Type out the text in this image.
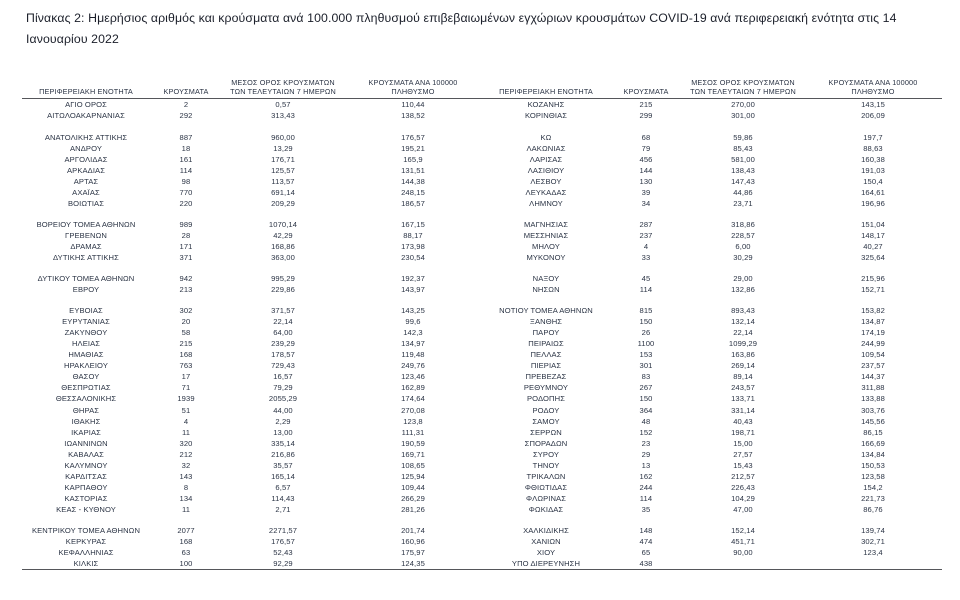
Πίνακας 2: Ημερήσιος αριθμός και κρούσματα ανά 100.000 πληθυσμού επιβεβαιωμένων εγχώριων κρουσμάτων COVID-19 ανά περιφερειακή ενότητα στις 14 Ιανουαρίου 2022
ΠΕΡΙΦΕΡΕΙΑΚΗ ΕΝΟΤΗΤΑ	ΚΡΟΥΣΜΑΤΑ	ΜΕΣΟΣ ΟΡΟΣ ΚΡΟΥΣΜΑΤΩΝ
ΤΩΝ ΤΕΛΕΥΤΑΙΩΝ 7 ΗΜΕΡΩΝ	ΚΡΟΥΣΜΑΤΑ ΑΝΑ 100000
ΠΛΗΘΥΣΜΟ	ΠΕΡΙΦΕΡΕΙΑΚΗ ΕΝΟΤΗΤΑ	ΚΡΟΥΣΜΑΤΑ	ΜΕΣΟΣ ΟΡΟΣ ΚΡΟΥΣΜΑΤΩΝ
ΤΩΝ ΤΕΛΕΥΤΑΙΩΝ 7 ΗΜΕΡΩΝ	ΚΡΟΥΣΜΑΤΑ ΑΝΑ 100000
ΠΛΗΘΥΣΜΟ
ΑΓΙΟ ΟΡΟΣ	2	0,57	110,44	ΚΟΖΑΝΗΣ	215	270,00	143,15
ΑΙΤΩΛΟΑΚΑΡΝΑΝΙΑΣ	292	313,43	138,52	ΚΟΡΙΝΘΙΑΣ	299	301,00	206,09

ΑΝΑΤΟΛΙΚΗΣ ΑΤΤΙΚΗΣ	887	960,00	176,57	ΚΩ	68	59,86	197,7
ΑΝΔΡΟΥ	18	13,29	195,21	ΛΑΚΩΝΙΑΣ	79	85,43	88,63
ΑΡΓΟΛΙΔΑΣ	161	176,71	165,9	ΛΑΡΙΣΑΣ	456	581,00	160,38
ΑΡΚΑΔΙΑΣ	114	125,57	131,51	ΛΑΣΙΘΙΟΥ	144	138,43	191,03
ΑΡΤΑΣ	98	113,57	144,38	ΛΕΣΒΟΥ	130	147,43	150,4
ΑΧΑΪΑΣ	770	691,14	248,15	ΛΕΥΚΑΔΑΣ	39	44,86	164,61
ΒΟΙΩΤΙΑΣ	220	209,29	186,57	ΛΗΜΝΟΥ	34	23,71	196,96

ΒΟΡΕΙΟΥ ΤΟΜΕΑ ΑΘΗΝΩΝ	989	1070,14	167,15	ΜΑΓΝΗΣΙΑΣ	287	318,86	151,04
ΓΡΕΒΕΝΩΝ	28	42,29	88,17	ΜΕΣΣΗΝΙΑΣ	237	228,57	148,17
ΔΡΑΜΑΣ	171	168,86	173,98	ΜΗΛΟΥ	4	6,00	40,27
ΔΥΤΙΚΗΣ ΑΤΤΙΚΗΣ	371	363,00	230,54	ΜΥΚΟΝΟΥ	33	30,29	325,64

ΔΥΤΙΚΟΥ ΤΟΜΕΑ ΑΘΗΝΩΝ	942	995,29	192,37	ΝΑΞΟΥ	45	29,00	215,96
ΕΒΡΟΥ	213	229,86	143,97	ΝΗΣΩΝ	114	132,86	152,71

ΕΥΒΟΙΑΣ	302	371,57	143,25	ΝΟΤΙΟΥ ΤΟΜΕΑ ΑΘΗΝΩΝ	815	893,43	153,82
ΕΥΡΥΤΑΝΙΑΣ	20	22,14	99,6	ΞΑΝΘΗΣ	150	132,14	134,87
ΖΑΚΥΝΘΟΥ	58	64,00	142,3	ΠΑΡΟΥ	26	22,14	174,19
ΗΛΕΙΑΣ	215	239,29	134,97	ΠΕΙΡΑΙΩΣ	1100	1099,29	244,99
ΗΜΑΘΙΑΣ	168	178,57	119,48	ΠΕΛΛΑΣ	153	163,86	109,54
ΗΡΑΚΛΕΙΟΥ	763	729,43	249,76	ΠΙΕΡΙΑΣ	301	269,14	237,57
ΘΑΣΟΥ	17	16,57	123,46	ΠΡΕΒΕΖΑΣ	83	89,14	144,37
ΘΕΣΠΡΩΤΙΑΣ	71	79,29	162,89	ΡΕΘΥΜΝΟΥ	267	243,57	311,88
ΘΕΣΣΑΛΟΝΙΚΗΣ	1939	2055,29	174,64	ΡΟΔΟΠΗΣ	150	133,71	133,88
ΘΗΡΑΣ	51	44,00	270,08	ΡΟΔΟΥ	364	331,14	303,76
ΙΘΑΚΗΣ	4	2,29	123,8	ΣΑΜΟΥ	48	40,43	145,56
ΙΚΑΡΙΑΣ	11	13,00	111,31	ΣΕΡΡΩΝ	152	198,71	86,15
ΙΩΑΝΝΙΝΩΝ	320	335,14	190,59	ΣΠΟΡΑΔΩΝ	23	15,00	166,69
ΚΑΒΑΛΑΣ	212	216,86	169,71	ΣΥΡΟΥ	29	27,57	134,84
ΚΑΛΥΜΝΟΥ	32	35,57	108,65	ΤΗΝΟΥ	13	15,43	150,53
ΚΑΡΔΙΤΣΑΣ	143	165,14	125,94	ΤΡΙΚΑΛΩΝ	162	212,57	123,58
ΚΑΡΠΑΘΟΥ	8	6,57	109,44	ΦΘΙΩΤΙΔΑΣ	244	226,43	154,2
ΚΑΣΤΟΡΙΑΣ	134	114,43	266,29	ΦΛΩΡΙΝΑΣ	114	104,29	221,73
ΚΕΑΣ - ΚΥΘΝΟΥ	11	2,71	281,26	ΦΩΚΙΔΑΣ	35	47,00	86,76

ΚΕΝΤΡΙΚΟΥ ΤΟΜΕΑ ΑΘΗΝΩΝ	2077	2271,57	201,74	ΧΑΛΚΙΔΙΚΗΣ	148	152,14	139,74
ΚΕΡΚΥΡΑΣ	168	176,57	160,96	ΧΑΝΙΩΝ	474	451,71	302,71
ΚΕΦΑΛΛΗΝΙΑΣ	63	52,43	175,97	ΧΙΟΥ	65	90,00	123,4
ΚΙΛΚΙΣ	100	92,29	124,35	ΥΠΟ ΔΙΕΡΕΥΝΗΣΗ	438		
